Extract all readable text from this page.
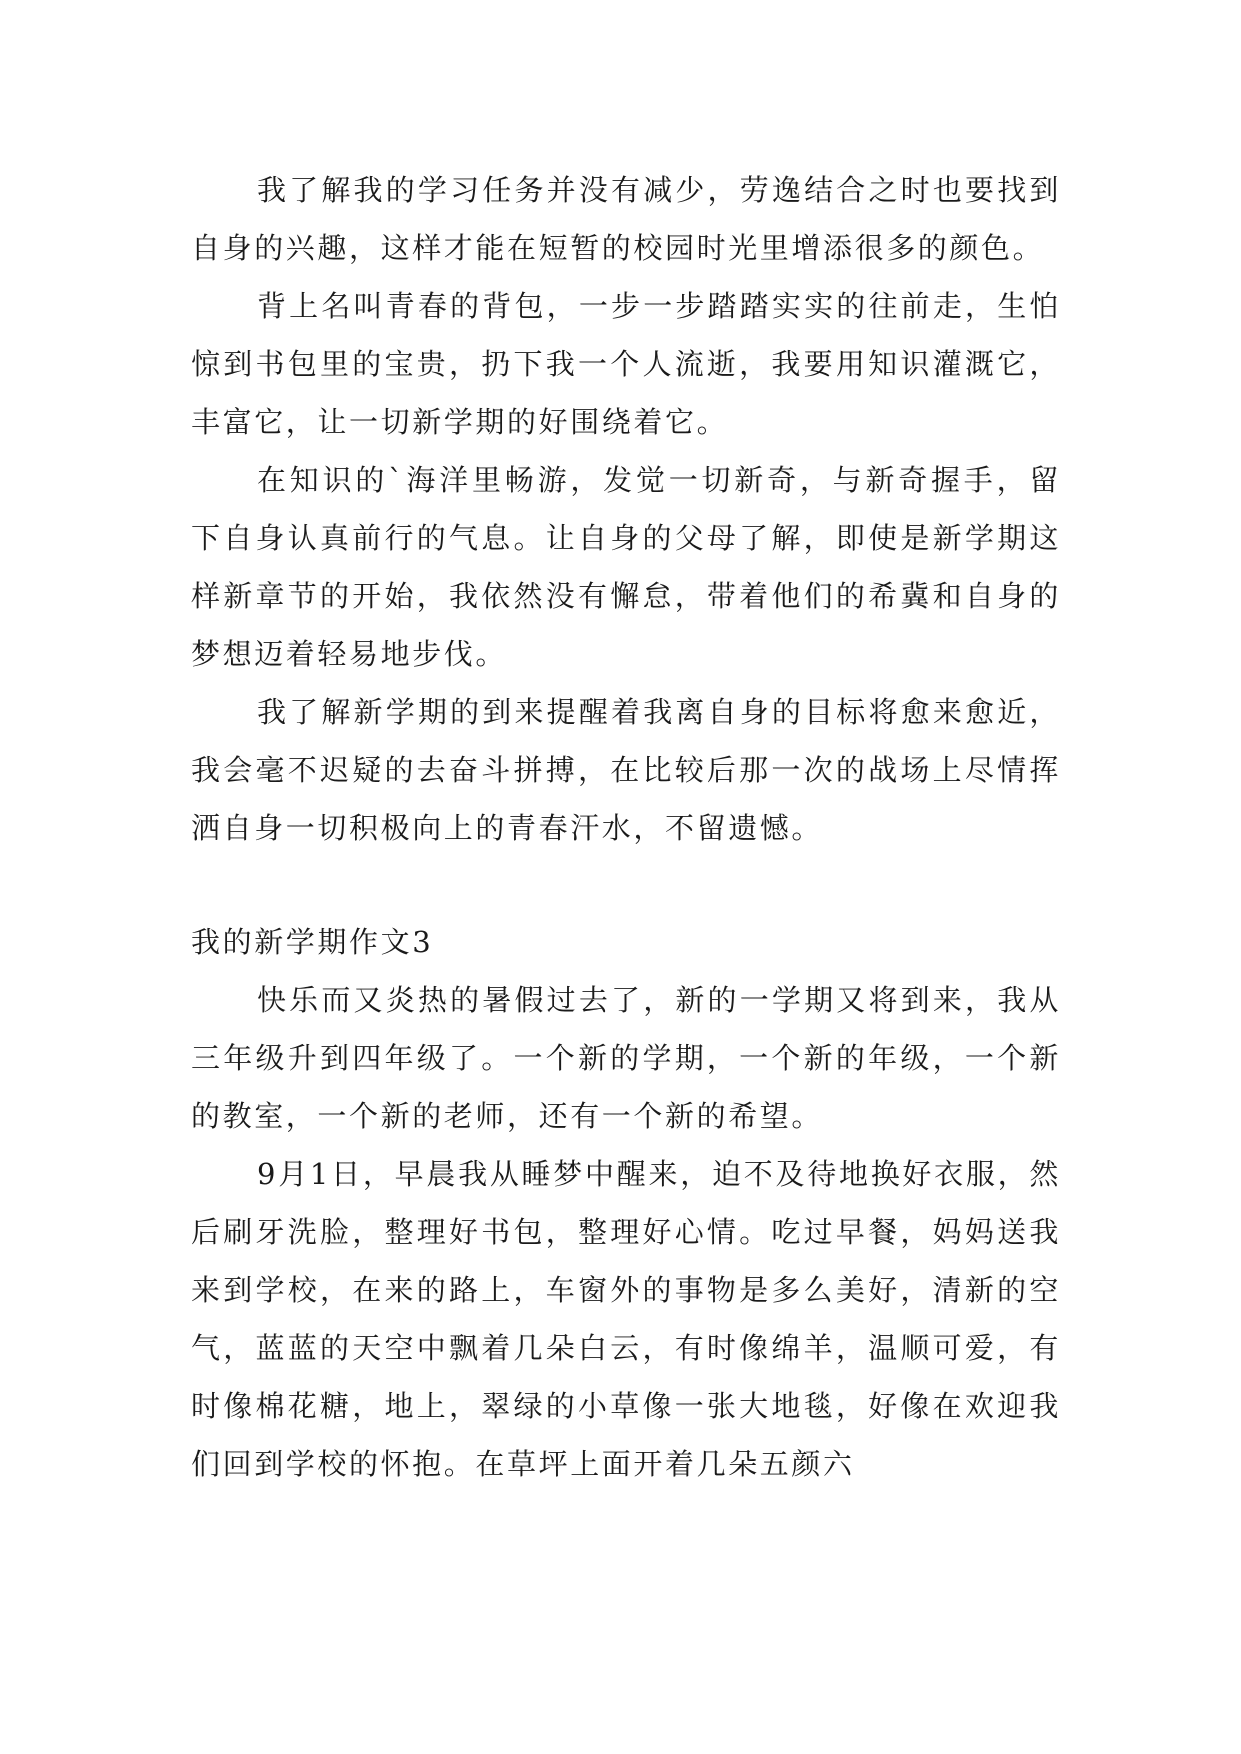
我了解我的学习任务并没有减少，劳逸结合之时也要找到自身的兴趣，这样才能在短暂的校园时光里增添很多的颜色。

背上名叫青春的背包，一步一步踏踏实实的往前走，生怕惊到书包里的宝贵，扔下我一个人流逝，我要用知识灌溉它，丰富它，让一切新学期的好围绕着它。

在知识的`海洋里畅游，发觉一切新奇，与新奇握手，留下自身认真前行的气息。让自身的父母了解，即使是新学期这样新章节的开始，我依然没有懈怠，带着他们的希冀和自身的梦想迈着轻易地步伐。

我了解新学期的到来提醒着我离自身的目标将愈来愈近，我会毫不迟疑的去奋斗拼搏，在比较后那一次的战场上尽情挥洒自身一切积极向上的青春汗水，不留遗憾。

我的新学期作文3

快乐而又炎热的暑假过去了，新的一学期又将到来，我从三年级升到四年级了。一个新的学期，一个新的年级，一个新的教室，一个新的老师，还有一个新的希望。

9月1日，早晨我从睡梦中醒来，迫不及待地换好衣服，然后刷牙洗脸，整理好书包，整理好心情。吃过早餐，妈妈送我来到学校，在来的路上，车窗外的事物是多么美好，清新的空气，蓝蓝的天空中飘着几朵白云，有时像绵羊，温顺可爱，有时像棉花糖，地上，翠绿的小草像一张大地毯，好像在欢迎我们回到学校的怀抱。在草坪上面开着几朵五颜六
